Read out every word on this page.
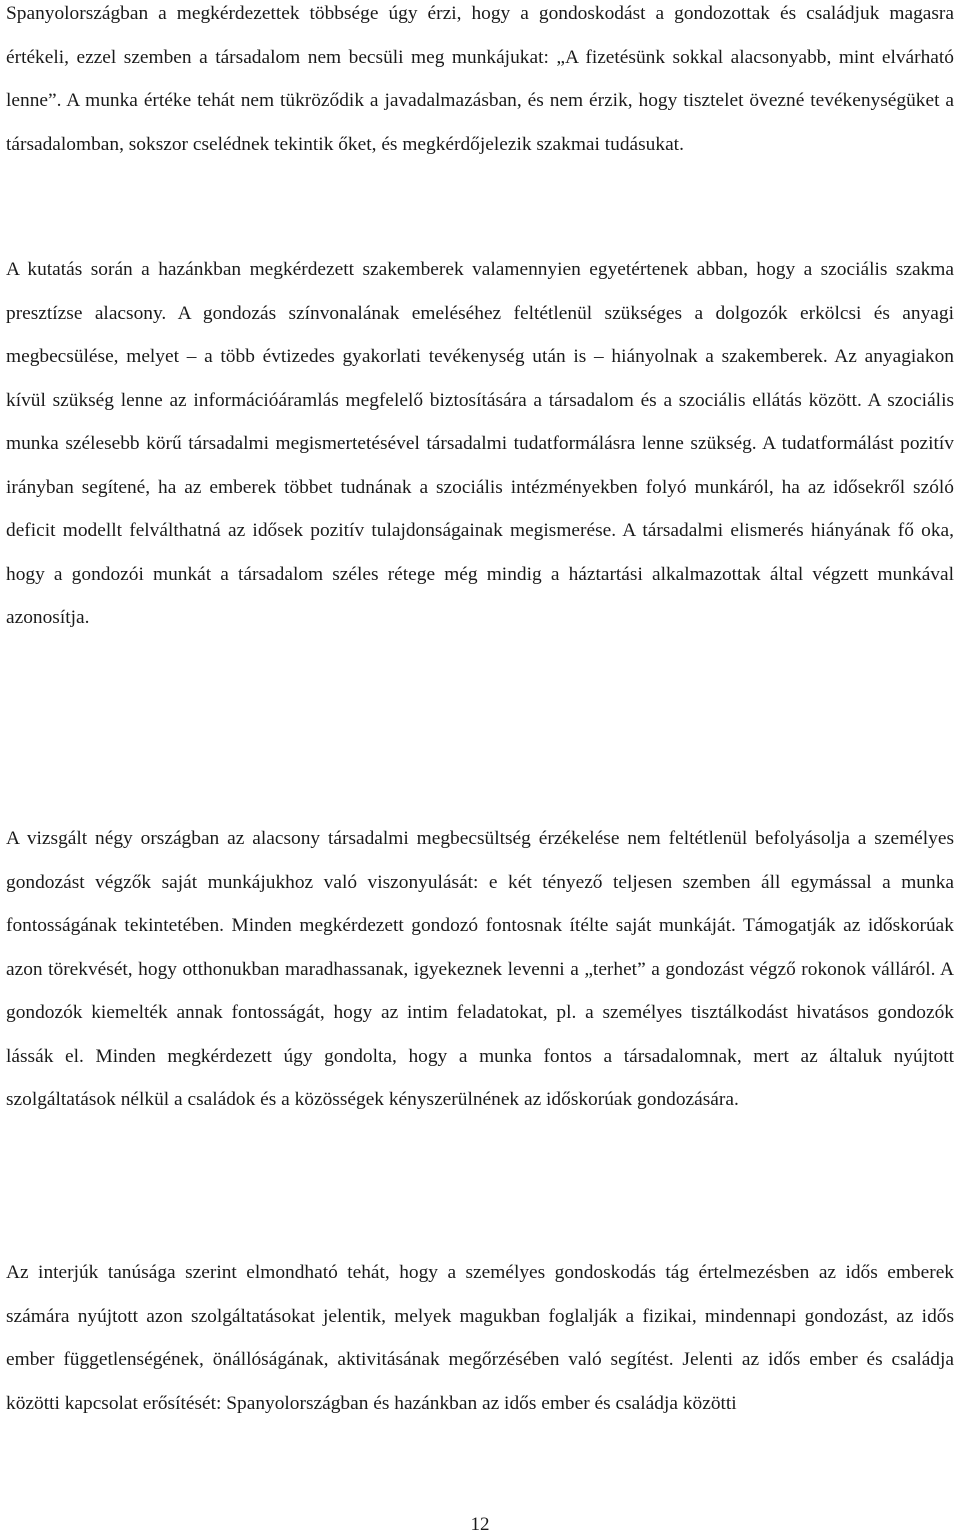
Spanyolországban a megkérdezettek többsége úgy érzi, hogy a gondoskodást a gondozottak és családjuk magasra értékeli, ezzel szemben a társadalom nem becsüli meg munkájukat: „A fizetésünk sokkal alacsonyabb, mint elvárható lenne”. A munka értéke tehát nem tükröződik a javadalmazásban, és nem érzik, hogy tisztelet övezné tevékenységüket a társadalomban, sokszor cselédnek tekintik őket, és megkérdőjelezik szakmai tudásukat.

A kutatás során a hazánkban megkérdezett szakemberek valamennyien egyetértenek abban, hogy a szociális szakma presztízse alacsony. A gondozás színvonalának emeléséhez feltétlenül szükséges a dolgozók erkölcsi és anyagi megbecsülése, melyet – a több évtizedes gyakorlati tevékenység után is – hiányolnak a szakemberek. Az anyagiakon kívül szükség lenne az információáramlás megfelelő biztosítására a társadalom és a szociális ellátás között. A szociális munka szélesebb körű társadalmi megismertetésével társadalmi tudatformálásra lenne szükség. A tudatformálást pozitív irányban segítené, ha az emberek többet tudnának a szociális intézményekben folyó munkáról, ha az idősekről szóló deficit modellt felválthatná az idősek pozitív tulajdonságainak megismerése. A társadalmi elismerés hiányának fő oka, hogy a gondozói munkát a társadalom széles rétege még mindig a háztartási alkalmazottak által végzett munkával azonosítja.

A vizsgált négy országban az alacsony társadalmi megbecsültség érzékelése nem feltétlenül befolyásolja a személyes gondozást végzők saját munkájukhoz való viszonyulását: e két tényező teljesen szemben áll egymással a munka fontosságának tekintetében. Minden megkérdezett gondozó fontosnak ítélte saját munkáját. Támogatják az időskorúak azon törekvését, hogy otthonukban maradhassanak, igyekeznek levenni a „terhet” a gondozást végző rokonok válláról. A gondozók kiemelték annak fontosságát, hogy az intim feladatokat, pl. a személyes tisztálkodást hivatásos gondozók lássák el. Minden megkérdezett úgy gondolta, hogy a munka fontos a társadalomnak, mert az általuk nyújtott szolgáltatások nélkül a családok és a közösségek kényszerülnének az időskorúak gondozására.

Az interjúk tanúsága szerint elmondható tehát, hogy a személyes gondoskodás tág értelmezésben az idős emberek számára nyújtott azon szolgáltatásokat jelentik, melyek magukban foglalják a fizikai, mindennapi gondozást, az idős ember függetlenségének, önállóságának, aktivitásának megőrzésében való segítést. Jelenti az idős ember és családja közötti kapcsolat erősítését: Spanyolországban és hazánkban az idős ember és családja közötti

12
